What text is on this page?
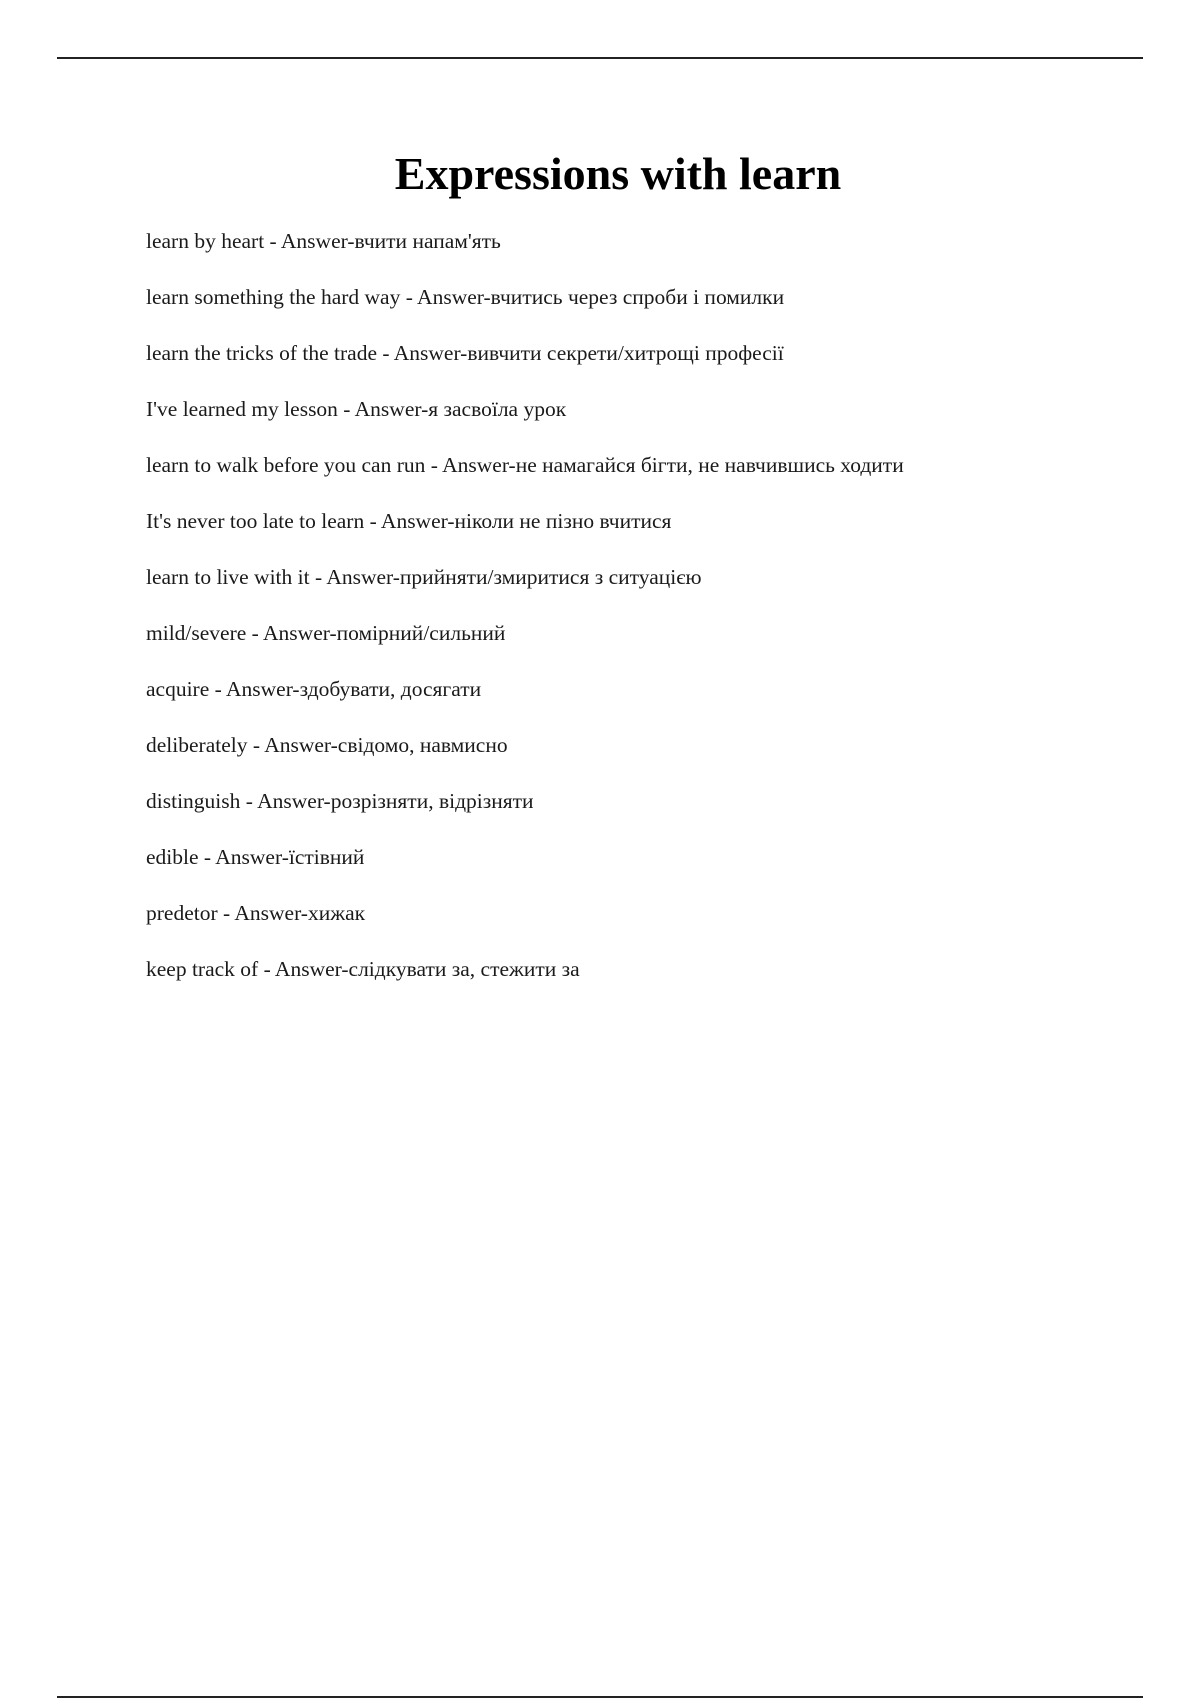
Expressions with learn
learn by heart - Answer-вчити напам'ять
learn something the hard way - Answer-вчитись через спроби і помилки
learn the tricks of the trade - Answer-вивчити секрети/хитрощі професії
I've learned my lesson - Answer-я засвоїла урок
learn to walk before you can run - Answer-не намагайся бігти, не навчившись ходити
It's never too late to learn - Answer-ніколи не пізно вчитися
learn to live with it - Answer-прийняти/змиритися з ситуацією
mild/severe - Answer-помірний/сильний
acquire - Answer-здобувати, досягати
deliberately - Answer-свідомо, навмисно
distinguish - Answer-розрізняти, відрізняти
edible - Answer-їстівний
predetor - Answer-хижак
keep track of - Answer-слідкувати за, стежити за
